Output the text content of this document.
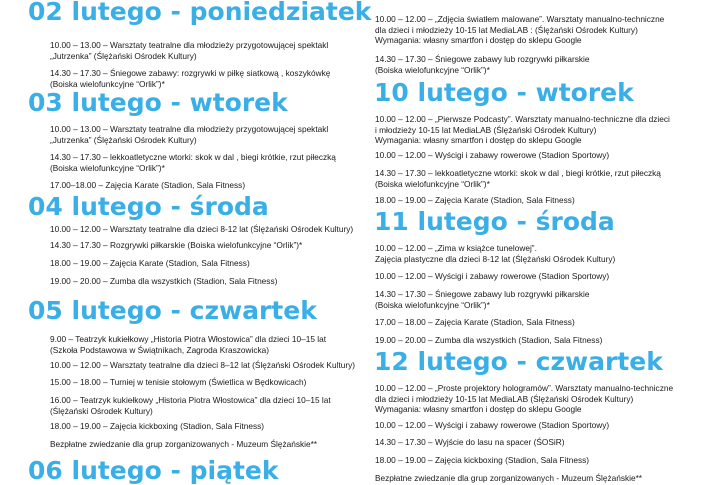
02 lutego - poniedziatek
10.00 – 13.00 – Warsztaty teatralne dla młodzieży przygotowującej spektakl
„Jutrzenka” (Ślężański Ośrodek Kultury)
14.30 – 17.30 – Śniegowe zabawy: rozgrywki w piłkę siatkową , koszykówkę
(Boiska wielofunkcyjne “Orlik”)*
03 lutego - wtorek
10.00 – 13.00 – Warsztaty teatralne dla młodzieży przygotowującej spektakl
„Jutrzenka” (Ślężański Ośrodek Kultury)
14.30 – 17.30 – lekkoatletyczne wtorki: skok w dal , biegi krótkie, rzut piłeczką
(Boiska wielofunkcyjne “Orlik”)*
17.00–18.00 – Zajęcia Karate (Stadion, Sala Fitness)
04 lutego - środa
10.00 – 12.00 – Warsztaty teatralne dla dzieci 8-12 lat (Ślężański Ośrodek Kultury)
14.30 – 17.30 – Rozgrywki piłkarskie (Boiska wielofunkcyjne “Orlik”)*
18.00 – 19.00 – Zajęcia Karate (Stadion, Sala Fitness)
19.00 – 20.00 – Zumba dla wszystkich (Stadion, Sala Fitness)
05 lutego - czwartek
9.00 – Teatrzyk kukiełkowy „Historia Piotra Włostowica” dla dzieci 10–15 lat
(Szkoła Podstawowa w Świątnikach, Zagroda Kraszowicka)
10.00 – 12.00 – Warsztaty teatralne dla dzieci 8–12 lat (Ślężański Ośrodek Kultury)
15.00 – 18.00 – Turniej w tenisie stołowym (Świetlica w Będkowicach)
16.00 – Teatrzyk kukiełkowy „Historia Piotra Włostowica” dla dzieci 10–15 lat
(Ślężański Ośrodek Kultury)
18.00 – 19.00 – Zajęcia kickboxing (Stadion, Sala Fitness)
Bezpłatne zwiedzanie dla grup zorganizowanych - Muzeum Ślężańskie**
06 lutego - piątek
10.00 – 12.00 – „Zdjęcia światłem malowane”. Warsztaty manualno-techniczne
dla dzieci i młodzieży 10-15 lat MediaLAB : (Ślężański Ośrodek Kultury)
Wymagania: własny smartfon i dostęp do sklepu Google
14.30 – 17.30 – Śniegowe zabawy lub rozgrywki piłkarskie
(Boiska wielofunkcyjne “Orlik”)*
10 lutego - wtorek
10.00 – 12.00 – „Pierwsze Podcasty”. Warsztaty manualno-techniczne dla dzieci
i młodzieży 10-15 lat MediaLAB (Ślężański Ośrodek Kultury)
Wymagania: własny smartfon i dostęp do sklepu Google
10.00 – 12.00 – Wyścigi i zabawy rowerowe (Stadion Sportowy)
14.30 – 17.30 – lekkoatletyczne wtorki: skok w dal , biegi krótkie, rzut piłeczką
(Boiska wielofunkcyjne “Orlik”)*
18.00 – 19.00 – Zajęcia Karate (Stadion, Sala Fitness)
11 lutego - środa
10.00 – 12.00 – „Zima w książce tunelowej”.
Zajęcia plastyczne dla dzieci 8-12 lat (Ślężański Ośrodek Kultury)
10.00 – 12.00 – Wyścigi i zabawy rowerowe (Stadion Sportowy)
14.30 – 17.30 – Śniegowe zabawy lub rozgrywki piłkarskie
(Boiska wielofunkcyjne “Orlik”)*
17.00 – 18.00 – Zajęcia Karate (Stadion, Sala Fitness)
19.00 – 20.00 – Zumba dla wszystkich (Stadion, Sala Fitness)
12 lutego - czwartek
10.00 – 12.00 – „Proste projektory hologramów”. Warsztaty manualno-techniczne
dla dzieci i młodzieży 10-15 lat MediaLAB (Ślężański Ośrodek Kultury)
Wymagania: własny smartfon i dostęp do sklepu Google
10.00 – 12.00 – Wyścigi i zabawy rowerowe (Stadion Sportowy)
14.30 – 17.30 – Wyjście do lasu na spacer (ŚOSiR)
18.00 – 19.00 – Zajęcia kickboxing (Stadion, Sala Fitness)
Bezpłatne zwiedzanie dla grup zorganizowanych - Muzeum Ślężańskie**
